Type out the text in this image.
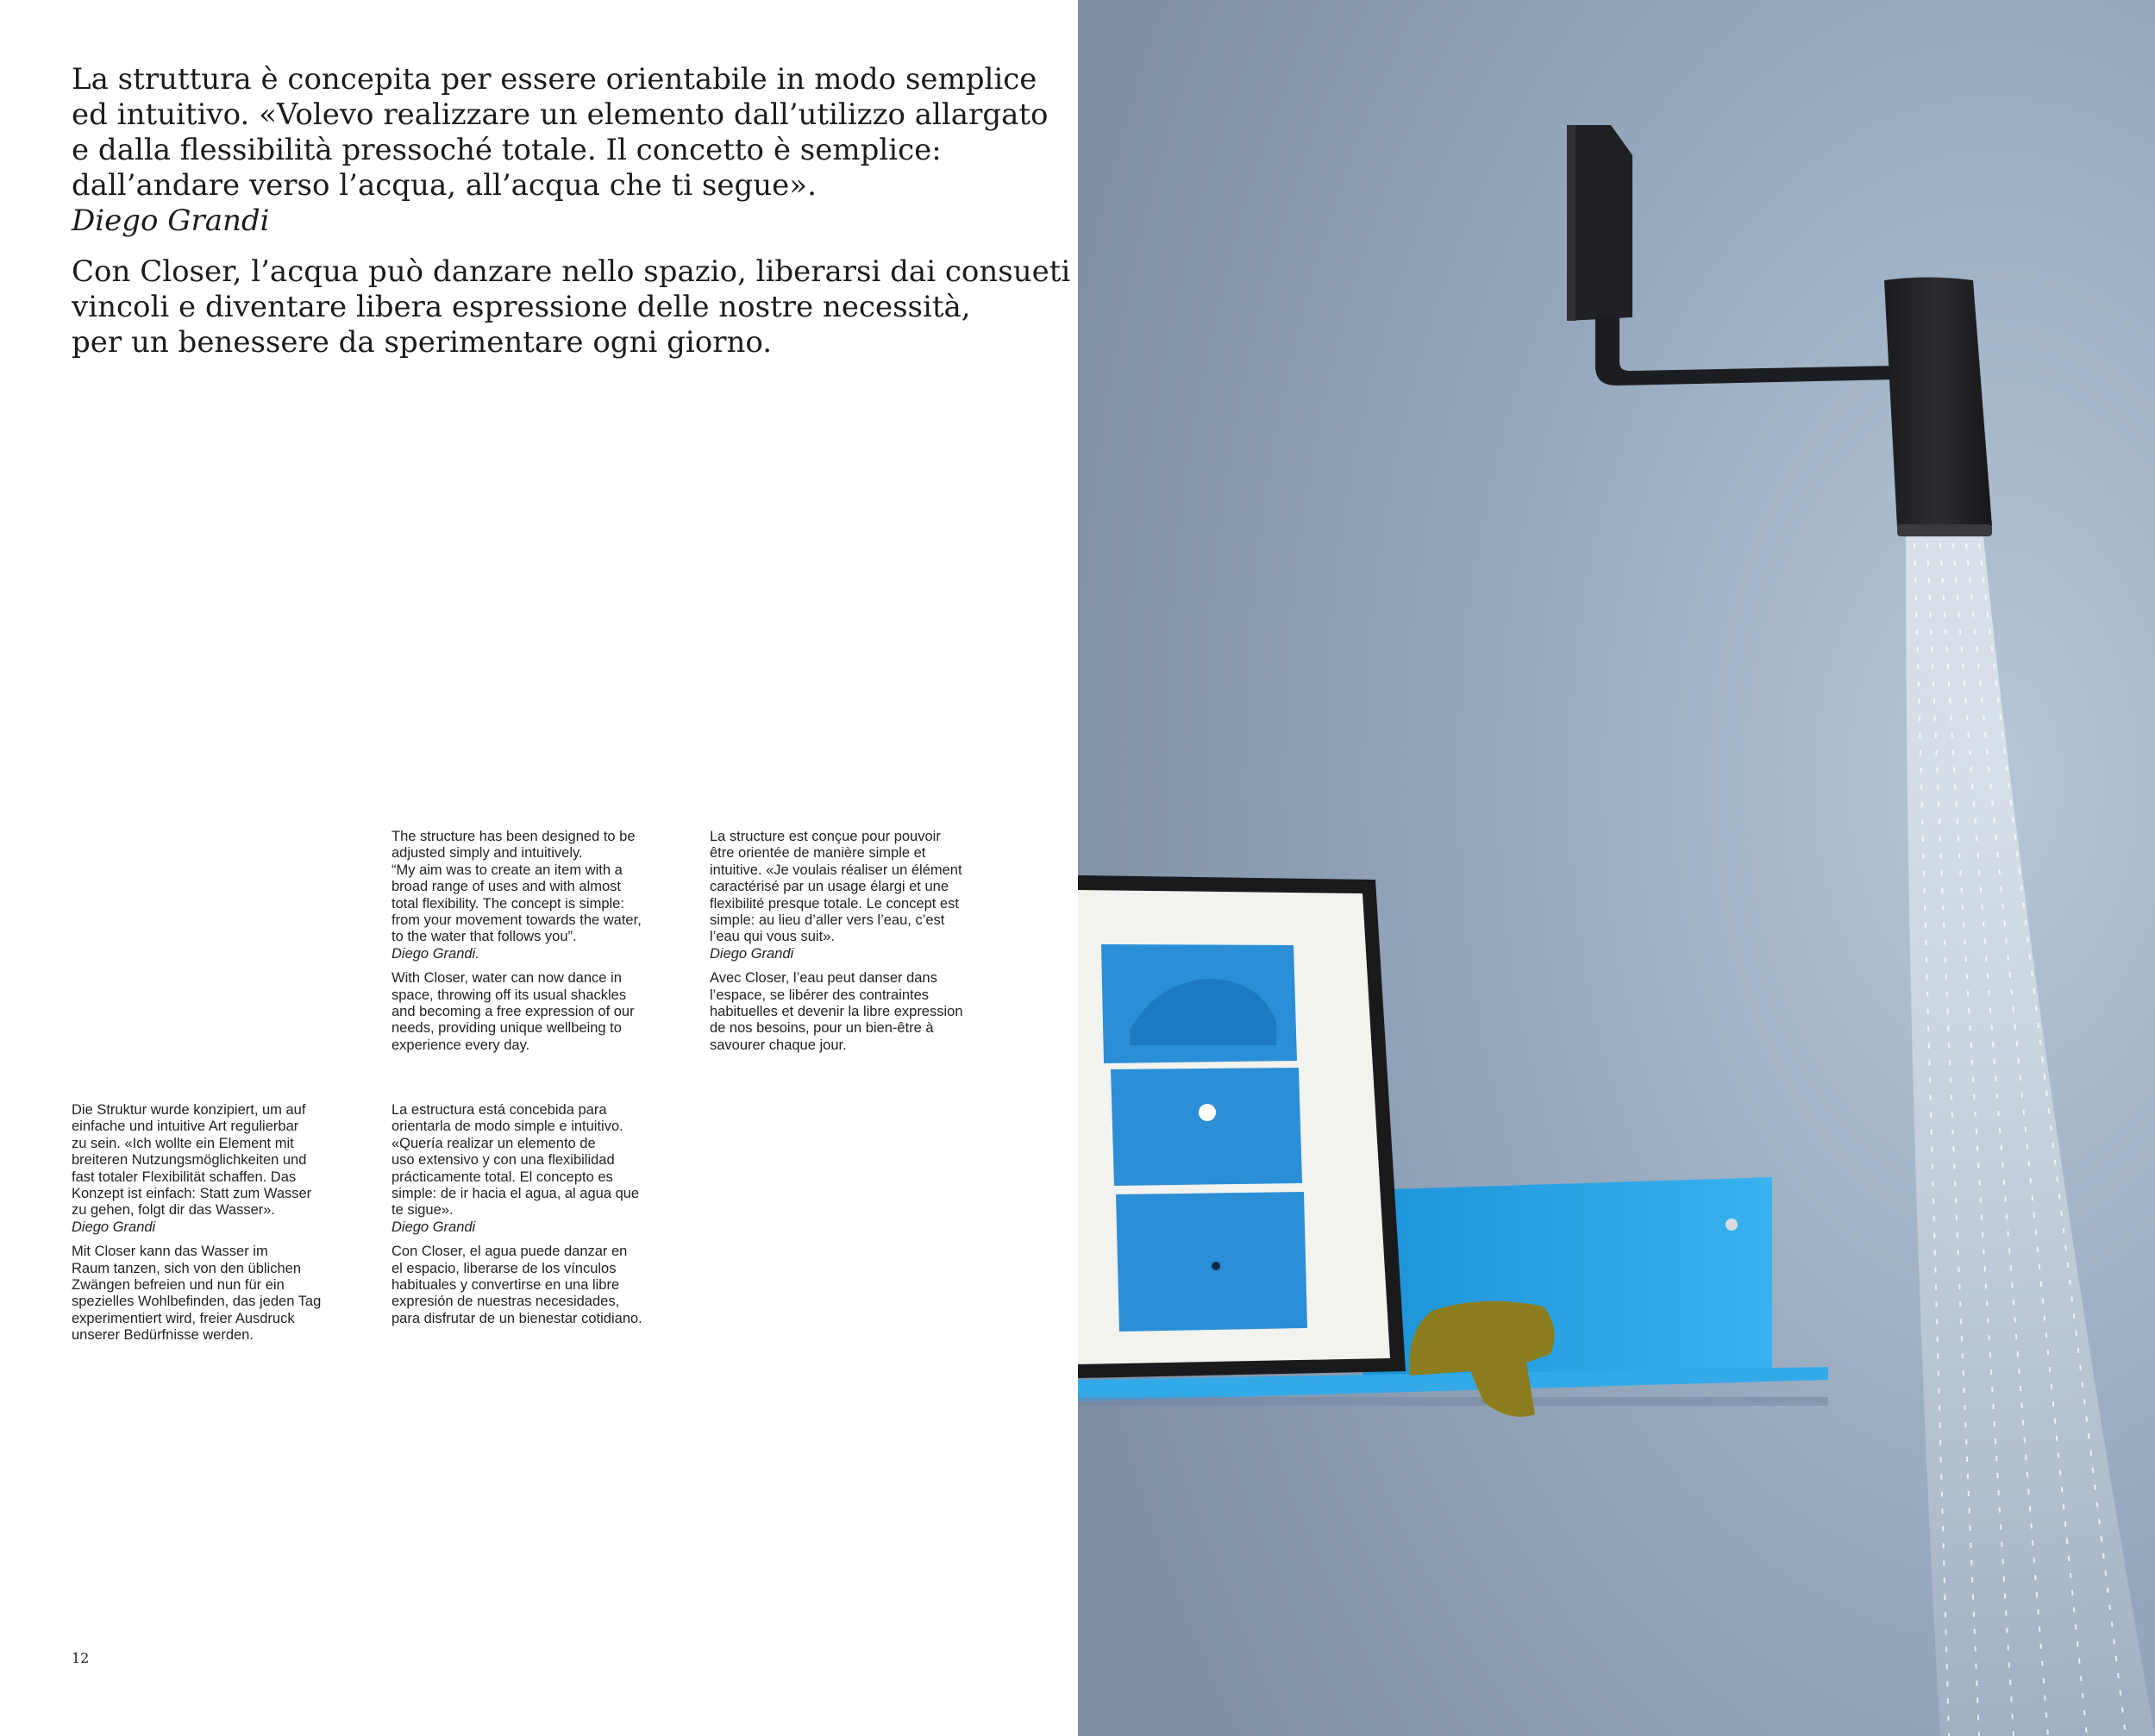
La struttura è concepita per essere orientabile in modo semplice
ed intuitivo. «Volevo realizzare un elemento dall’utilizzo allargato
e dalla flessibilità pressoché totale. Il concetto è semplice:
dall’andare verso l’acqua, all’acqua che ti segue».
Diego Grandi

Con Closer, l’acqua può danzare nello spazio, liberarsi dai consueti
vincoli e diventare libera espressione delle nostre necessità,
per un benessere da sperimentare ogni giorno.

The structure has been designed to be
adjusted simply and intuitively.
“My aim was to create an item with a
broad range of uses and with almost
total flexibility. The concept is simple:
from your movement towards the water,
to the water that follows you”.
Diego Grandi.
With Closer, water can now dance in
space, throwing off its usual shackles
and becoming a free expression of our
needs, providing unique wellbeing to
experience every day.
La structure est conçue pour pouvoir
être orientée de manière simple et
intuitive. «Je voulais réaliser un élément
caractérisé par un usage élargi et une
flexibilité presque totale. Le concept est
simple: au lieu d’aller vers l’eau, c’est
l’eau qui vous suit».
Diego Grandi
Avec Closer, l’eau peut danser dans
l’espace, se libérer des contraintes
habituelles et devenir la libre expression
de nos besoins, pour un bien-être à
savourer chaque jour.
Die Struktur wurde konzipiert, um auf
einfache und intuitive Art regulierbar
zu sein. «Ich wollte ein Element mit
breiteren Nutzungsmöglichkeiten und
fast totaler Flexibilität schaffen. Das
Konzept ist einfach: Statt zum Wasser
zu gehen, folgt dir das Wasser».
Diego Grandi
Mit Closer kann das Wasser im
Raum tanzen, sich von den üblichen
Zwängen befreien und nun für ein
spezielles Wohlbefinden, das jeden Tag
experimentiert wird, freier Ausdruck
unserer Bedürfnisse werden.
La estructura está concebida para
orientarla de modo simple e intuitivo.
«Quería realizar un elemento de
uso extensivo y con una flexibilidad
prácticamente total. El concepto es
simple: de ir hacia el agua, al agua que
te sigue».
Diego Grandi
Con Closer, el agua puede danzar en
el espacio, liberarse de los vínculos
habituales y convertirse en una libre
expresión de nuestras necesidades,
para disfrutar de un bienestar cotidiano.
12
